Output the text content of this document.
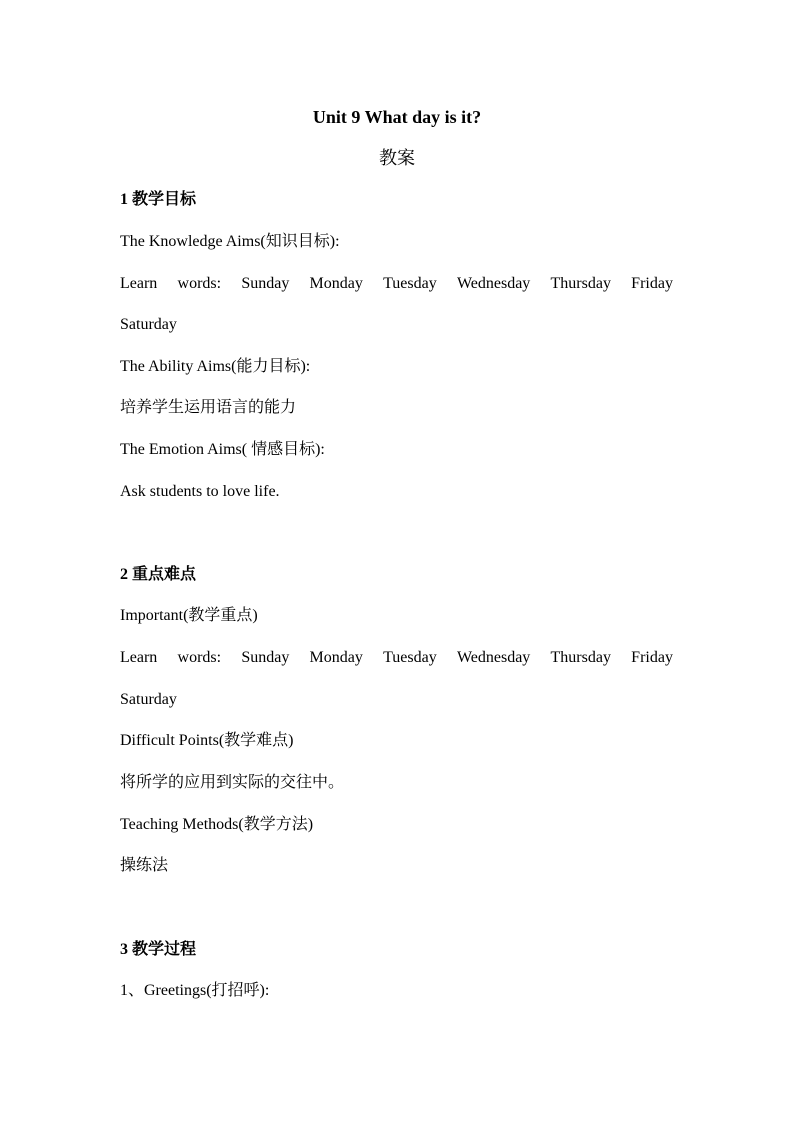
Unit 9 What day is it?
教案
1 教学目标
The Knowledge Aims(知识目标):
Learn words: Sunday Monday Tuesday Wednesday Thursday Friday
Saturday
The Ability Aims(能力目标):
培养学生运用语言的能力
The Emotion Aims( 情感目标):
Ask students to love life.
2 重点难点
Important(教学重点)
Learn words: Sunday Monday Tuesday Wednesday Thursday Friday
Saturday
Difficult Points(教学难点)
将所学的应用到实际的交往中。
Teaching Methods(教学方法)
操练法
3 教学过程
1、Greetings(打招呼):
